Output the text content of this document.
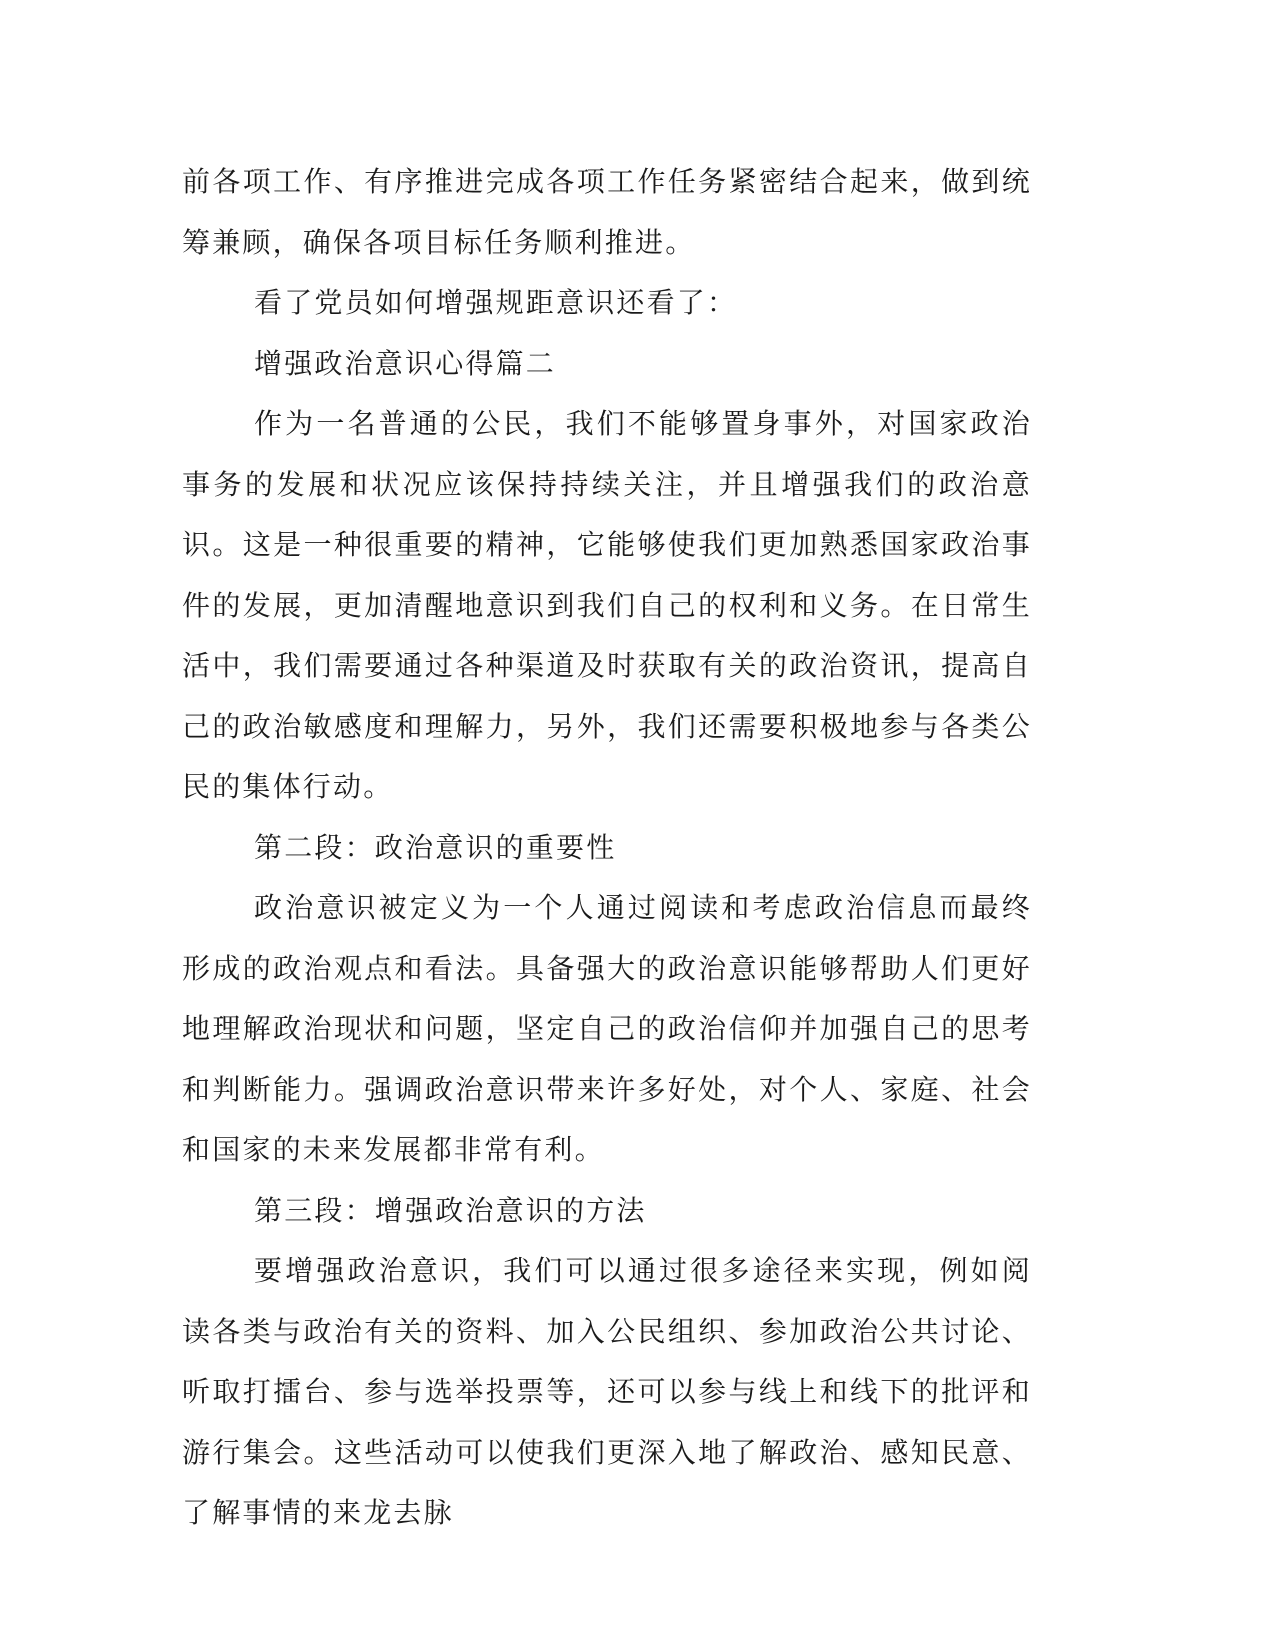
前各项工作、有序推进完成各项工作任务紧密结合起来，做到统筹兼顾，确保各项目标任务顺利推进。

看了党员如何增强规距意识还看了：

增强政治意识心得篇二

作为一名普通的公民，我们不能够置身事外，对国家政治事务的发展和状况应该保持持续关注，并且增强我们的政治意识。这是一种很重要的精神，它能够使我们更加熟悉国家政治事件的发展，更加清醒地意识到我们自己的权利和义务。在日常生活中，我们需要通过各种渠道及时获取有关的政治资讯，提高自己的政治敏感度和理解力，另外，我们还需要积极地参与各类公民的集体行动。

第二段：政治意识的重要性

政治意识被定义为一个人通过阅读和考虑政治信息而最终形成的政治观点和看法。具备强大的政治意识能够帮助人们更好地理解政治现状和问题，坚定自己的政治信仰并加强自己的思考和判断能力。强调政治意识带来许多好处，对个人、家庭、社会和国家的未来发展都非常有利。

第三段：增强政治意识的方法

要增强政治意识，我们可以通过很多途径来实现，例如阅读各类与政治有关的资料、加入公民组织、参加政治公共讨论、听取打擂台、参与选举投票等，还可以参与线上和线下的批评和游行集会。这些活动可以使我们更深入地了解政治、感知民意、了解事情的来龙去脉
